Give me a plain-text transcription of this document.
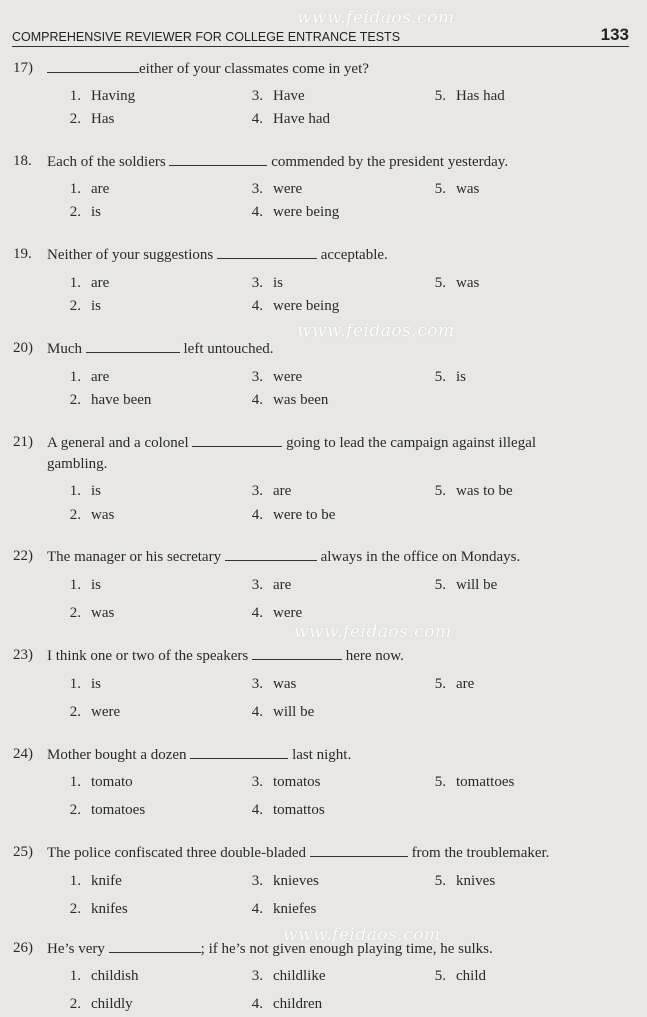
www.feidaos.com
www.feidaos.com
www.feidaos.com
www.feidaos.com
COMPREHENSIVE REVIEWER FOR COLLEGE ENTRANCE TESTS	133
17)	either of your classmates come in yet?
1. Having
2. Has
3. Have
4. Have had
5. Has had
18.	Each of the soldiers	commended by the president yesterday.
1. are
2. is
3. were
4. were being
5. was
19.	Neither of your suggestions	acceptable.
1. are
2. is
3. is
4. were being
5. was
20) Much	left untouched.
1. are
2. have been
3. were
4. was been
5. is
21) A general and a colonel	going to lead the campaign against illegal
gambling.
1. is
2. was
3. are
4. were to be
5. was to be
22) The manager or his secretary	always in the office on Mondays.
1. is
2. was
3. are
4. were
5. will be
23) I think one or two of the speakers	here now.
1. is
2. were
3. was
4. will be
5. are
24) Mother bought a dozen	last night.
1. tomato
2. tomatoes
3. tomatos
4. tomattos
5. tomattoes
25) The police confiscated three double-bladed	from the troublemaker.
1. knife
2. knifes
3. knieves
4. kniefes
5. knives
26) He’s very	; if he’s not given enough playing time, he sulks.
1. childish
2. childly
3. childlike
4. children
5. child
